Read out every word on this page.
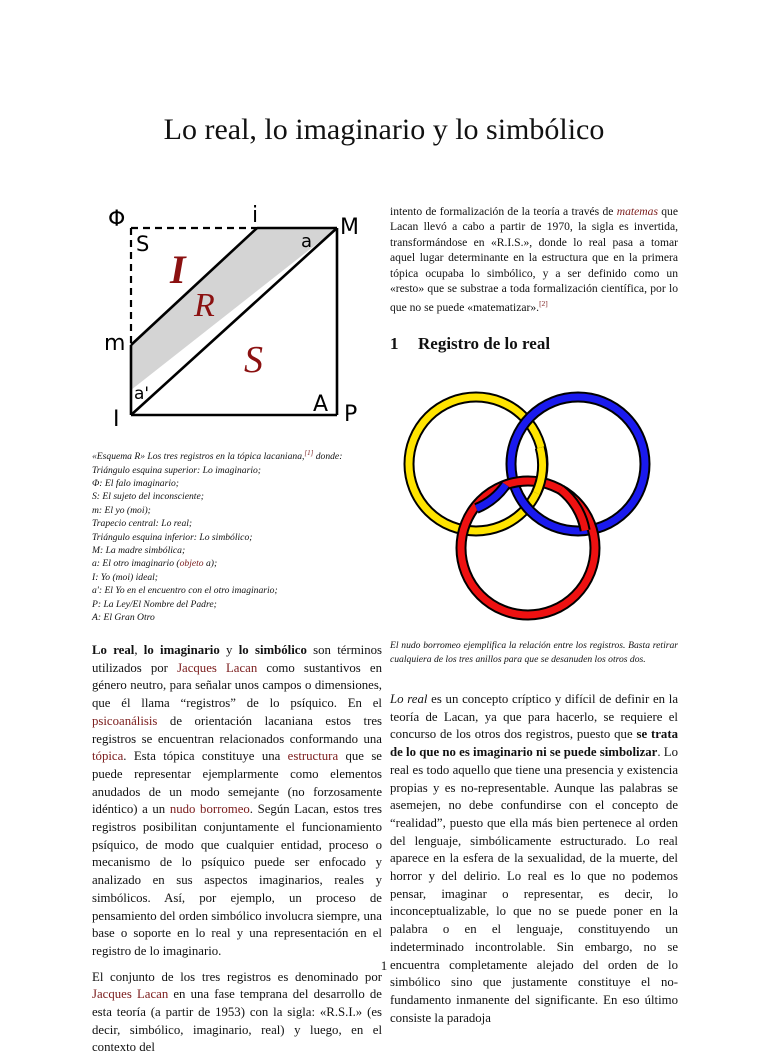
Lo real, lo imaginario y lo simbólico
Φ	i	M
S	a
m
a'
I
A P
I
R
S
«Esquema R» Los tres registros en la tópica lacaniana,[1] donde:
Triángulo esquina superior: Lo imaginario;
Φ: El falo imaginario;
S: El sujeto del inconsciente;
m: El yo (moi);
Trapecio central: Lo real;
Triángulo esquina inferior: Lo simbólico;
M: La madre simbólica;
a: El otro imaginario (objeto a);
I: Yo (moi) ideal;
a': El Yo en el encuentro con el otro imaginario;
P: La Ley/El Nombre del Padre;
A: El Gran Otro
intento de formalización de la teoría a través de matemas que Lacan llevó a cabo a partir de 1970, la sigla es invertida, transformándose en «R.I.S.», donde lo real pasa a tomar aquel lugar determinante en la estructura que en la primera tópica ocupaba lo simbólico, y a ser definido como un «resto» que se substrae a toda formalización científica, por lo que no se puede «matematizar».[2]
1 Registro de lo real
El nudo borromeo ejemplifica la relación entre los registros. Basta retirar cualquiera de los tres anillos para que se desanuden los otros dos.

Lo real, lo imaginario y lo simbólico son términos utilizados por Jacques Lacan como sustantivos en género neutro, para señalar unos campos o dimensiones, que él llama “registros” de lo psíquico. En el psicoanálisis de orientación lacaniana estos tres registros se encuentran relacionados conformando una tópica. Esta tópica constituye una estructura que se puede representar ejemplarmente como elementos anudados de un modo semejante (no forzosamente idéntico) a un nudo borromeo. Según Lacan, estos tres registros posibilitan conjuntamente el funcionamiento psíquico, de modo que cualquier entidad, proceso o mecanismo de lo psíquico puede ser enfocado y analizado en sus aspectos imaginarios, reales y simbólicos. Así, por ejemplo, un proceso de pensamiento del orden simbólico involucra siempre, una base o soporte en lo real y una representación en el registro de lo imaginario.

El conjunto de los tres registros es denominado por Jacques Lacan en una fase temprana del desarrollo de esta teoría (a partir de 1953) con la sigla: «R.S.I.» (es decir, simbólico, imaginario, real) y luego, en el contexto del

Lo real es un concepto críptico y difícil de definir en la teoría de Lacan, ya que para hacerlo, se requiere el concurso de los otros dos registros, puesto que se trata de lo que no es imaginario ni se puede simbolizar. Lo real es todo aquello que tiene una presencia y existencia propias y es no-representable. Aunque las palabras se asemejen, no debe confundirse con el concepto de “realidad”, puesto que ella más bien pertenece al orden del lenguaje, simbólicamente estructurado. Lo real aparece en la esfera de la sexualidad, de la muerte, del horror y del delirio. Lo real es lo que no podemos pensar, imaginar o representar, es decir, lo inconceptualizable, lo que no se puede poner en la palabra o en el lenguaje, constituyendo un indeterminado incontrolable. Sin embargo, no se encuentra completamente alejado del orden de lo simbólico sino que justamente constituye el no-fundamento inmanente del significante. En eso último consiste la paradoja

1
